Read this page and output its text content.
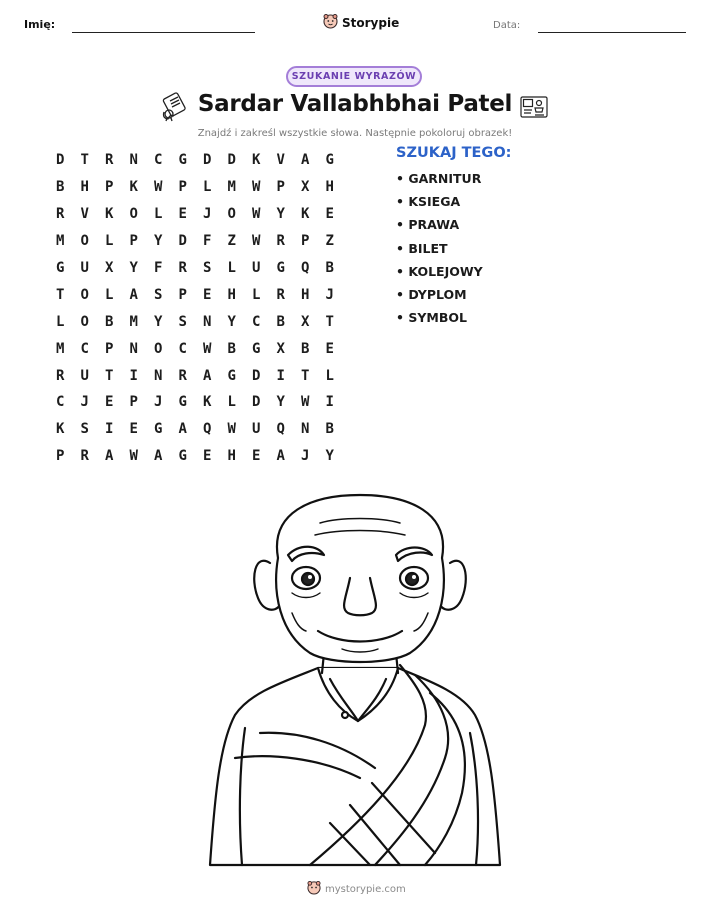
Imię:	Storypie	Data:
SZUKANIE WYRAZÓW
Sardar Vallabhbhai Patel
Znajdź i zakreśl wszystkie słowa. Następnie pokoloruj obrazek!
D	T	R	N	C	G	D	D	K	V	A	G
B	H	P	K	W	P	L	M	W	P	X	H
R	V	K	O	L	E	J	O	W	Y	K	E
M	O	L	P	Y	D	F	Z	W	R	P	Z
G	U	X	Y	F	R	S	L	U	G	Q	B
T	O	L	A	S	P	E	H	L	R	H	J
L	O	B	M	Y	S	N	Y	C	B	X	T
M	C	P	N	O	C	W	B	G	X	B	E
R	U	T	I	N	R	A	G	D	I	T	L
C	J	E	P	J	G	K	L	D	Y	W	I
K	S	I	E	G	A	Q	W	U	Q	N	B
P	R	A	W	A	G	E	H	E	A	J	Y
SZUKAJ TEGO:
• GARNITUR
• KSIEGA
• PRAWA
• BILET
• KOLEJOWY
• DYPLOM
• SYMBOL
mystorypie.com
